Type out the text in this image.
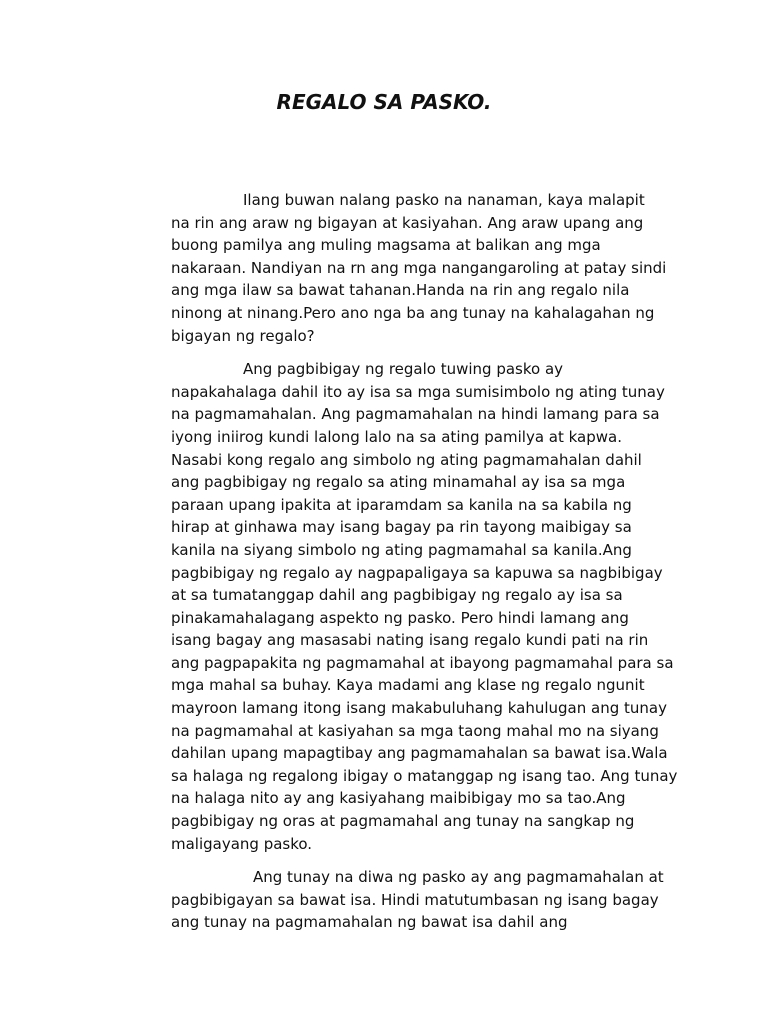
REGALO SA PASKO.
Ilang buwan nalang pasko na nanaman, kaya malapit
na rin ang araw ng bigayan at kasiyahan. Ang araw upang ang
buong pamilya ang muling magsama at balikan ang mga
nakaraan. Nandiyan na rn ang mga nangangaroling at patay sindi
ang mga ilaw sa bawat tahanan.Handa na rin ang regalo nila
ninong at ninang.Pero ano nga ba ang tunay na kahalagahan ng
bigayan ng regalo?
Ang pagbibigay ng regalo tuwing pasko ay
napakahalaga dahil ito ay isa sa mga sumisimbolo ng ating tunay
na pagmamahalan. Ang pagmamahalan na hindi lamang para sa
iyong iniirog kundi lalong lalo na sa ating pamilya at kapwa.
Nasabi kong regalo ang simbolo ng ating pagmamahalan dahil
ang pagbibigay ng regalo sa ating minamahal ay isa sa mga
paraan upang ipakita at iparamdam sa kanila na sa kabila ng
hirap at ginhawa may isang bagay pa rin tayong maibigay sa
kanila na siyang simbolo ng ating pagmamahal sa kanila.Ang
pagbibigay ng regalo ay nagpapaligaya sa kapuwa sa nagbibigay
at sa tumatanggap dahil ang pagbibigay ng regalo ay isa sa
pinakamahalagang aspekto ng pasko. Pero hindi lamang ang
isang bagay ang masasabi nating isang regalo kundi pati na rin
ang pagpapakita ng pagmamahal at ibayong pagmamahal para sa
mga mahal sa buhay. Kaya madami ang klase ng regalo ngunit
mayroon lamang itong isang makabuluhang kahulugan ang tunay
na pagmamahal at kasiyahan sa mga taong mahal mo na siyang
dahilan upang mapagtibay ang pagmamahalan sa bawat isa.Wala
sa halaga ng regalong ibigay o matanggap ng isang tao. Ang tunay
na halaga nito ay ang kasiyahang maibibigay mo sa tao.Ang
pagbibigay ng oras at pagmamahal ang tunay na sangkap ng
maligayang pasko.
Ang tunay na diwa ng pasko ay ang pagmamahalan at
pagbibigayan sa bawat isa. Hindi matutumbasan ng isang bagay
ang tunay na pagmamahalan ng bawat isa dahil ang
